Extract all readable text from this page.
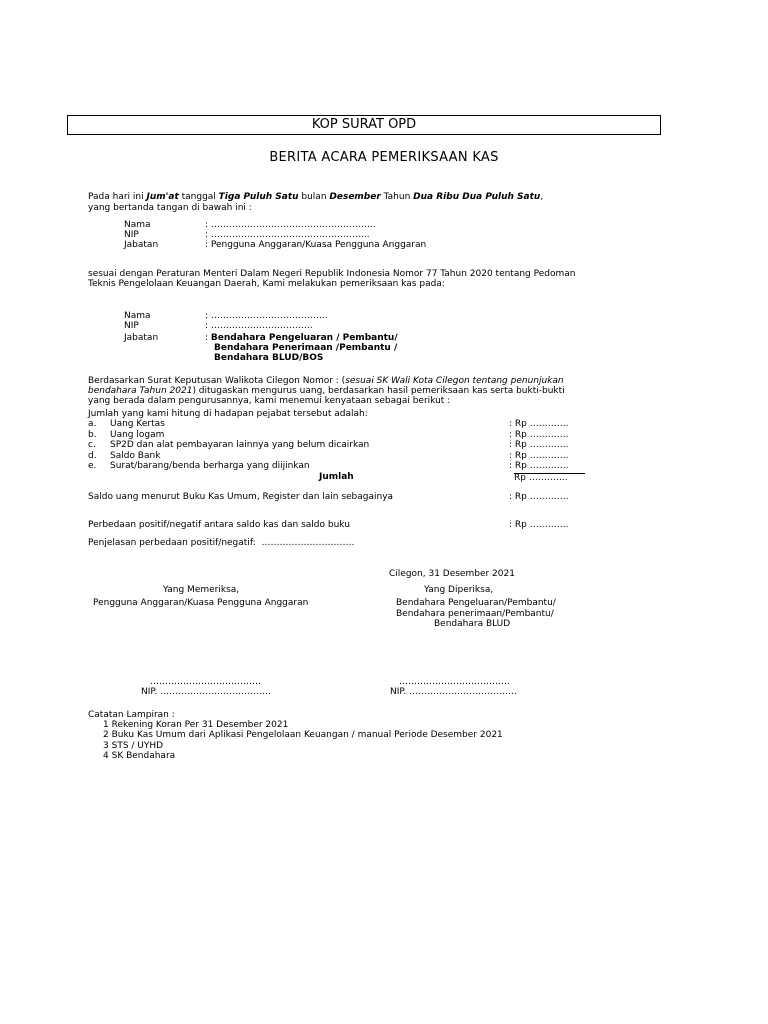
KOP SURAT OPD
BERITA ACARA PEMERIKSAAN KAS
Pada hari ini Jum'at tanggal Tiga Puluh Satu bulan Desember Tahun Dua Ribu Dua Puluh Satu,
yang bertanda tangan di bawah ini :
Nama	: ……………………………………………….
NIP	: ……………………………………………..
Jabatan	: Pengguna Anggaran/Kuasa Pengguna Anggaran
sesuai dengan Peraturan Menteri Dalam Negeri Republik Indonesia Nomor 77 Tahun 2020 tentang Pedoman
Teknis Pengelolaan Keuangan Daerah, Kami melakukan pemeriksaan kas pada:
Nama	: …………………………………
NIP	: …………………………….
Jabatan	: Bendahara Pengeluaran / Pembantu/
Bendahara Penerimaan /Pembantu /
Bendahara BLUD/BOS
Berdasarkan Surat Keputusan Walikota Cilegon Nomor : (sesuai SK Wali Kota Cilegon tentang penunjukan
bendahara Tahun 2021) ditugaskan mengurus uang, berdasarkan hasil pemeriksaan kas serta bukti-bukti
yang berada dalam pengurusannya, kami menemui kenyataan sebagai berikut :
Jumlah yang kami hitung di hadapan pejabat tersebut adalah:
a. Uang Kertas	: Rp ………….
b. Uang logam	: Rp ………….
c. SP2D dan alat pembayaran lainnya yang belum dicairkan	: Rp ………….
d. Saldo Bank	: Rp ………….
e. Surat/barang/benda berharga yang diijinkan	: Rp ………….
Jumlah	Rp ………….
Saldo uang menurut Buku Kas Umum, Register dan lain sebagainya	: Rp ………….
Perbedaan positif/negatif antara saldo kas dan saldo buku	: Rp ………….
Penjelasan perbedaan positif/negatif: ………………………….
Cilegon, 31 Desember 2021
Yang Memeriksa,
Pengguna Anggaran/Kuasa Pengguna Anggaran
Yang Diperiksa,
Bendahara Pengeluaran/Pembantu/
Bendahara penerimaan/Pembantu/
Bendahara BLUD
……………………………….
NIP. ……………………………….
……………………………….
NIP. ………………………………
Catatan Lampiran :
1 Rekening Koran Per 31 Desember 2021
2 Buku Kas Umum dari Aplikasi Pengelolaan Keuangan / manual Periode Desember 2021
3 STS / UYHD
4 SK Bendahara
